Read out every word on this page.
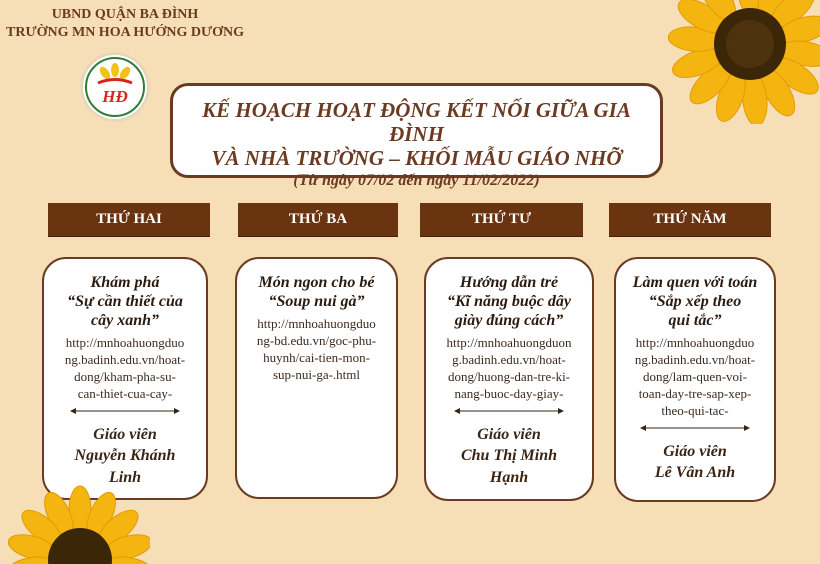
UBND QUẬN BA ĐÌNH
TRƯỜNG MN HOA HƯỚNG DƯƠNG
HĐ
KẾ HOẠCH HOẠT ĐỘNG KẾT NỐI GIỮA GIA ĐÌNH
VÀ NHÀ TRƯỜNG – KHỐI MẪU GIÁO NHỠ
(Từ ngày 07/02 đến ngày 11/02/2022)
THỨ HAI	THỨ BA	THỨ TƯ	THỨ NĂM
Khám phá
“Sự cần thiết của
cây xanh”
http://mnhoahuongduo
ng.badinh.edu.vn/hoat-
dong/kham-pha-su-
can-thiet-cua-cay-
Giáo viên
Nguyễn Khánh
Linh
Món ngon cho bé
“Soup nui gà”
http://mnhoahuongduo
ng-bd.edu.vn/goc-phu-
huynh/cai-tien-mon-
sup-nui-ga-.html
Hướng dẫn trẻ
“Kĩ năng buộc dây
giày đúng cách”
http://mnhoahuongduon
g.badinh.edu.vn/hoat-
dong/huong-dan-tre-ki-
nang-buoc-day-giay-
Giáo viên
Chu Thị Minh
Hạnh
Làm quen với toán
“Sắp xếp theo
qui tắc”
http://mnhoahuongduo
ng.badinh.edu.vn/hoat-
dong/lam-quen-voi-
toan-day-tre-sap-xep-
theo-qui-tac-
Giáo viên
Lê Vân Anh
